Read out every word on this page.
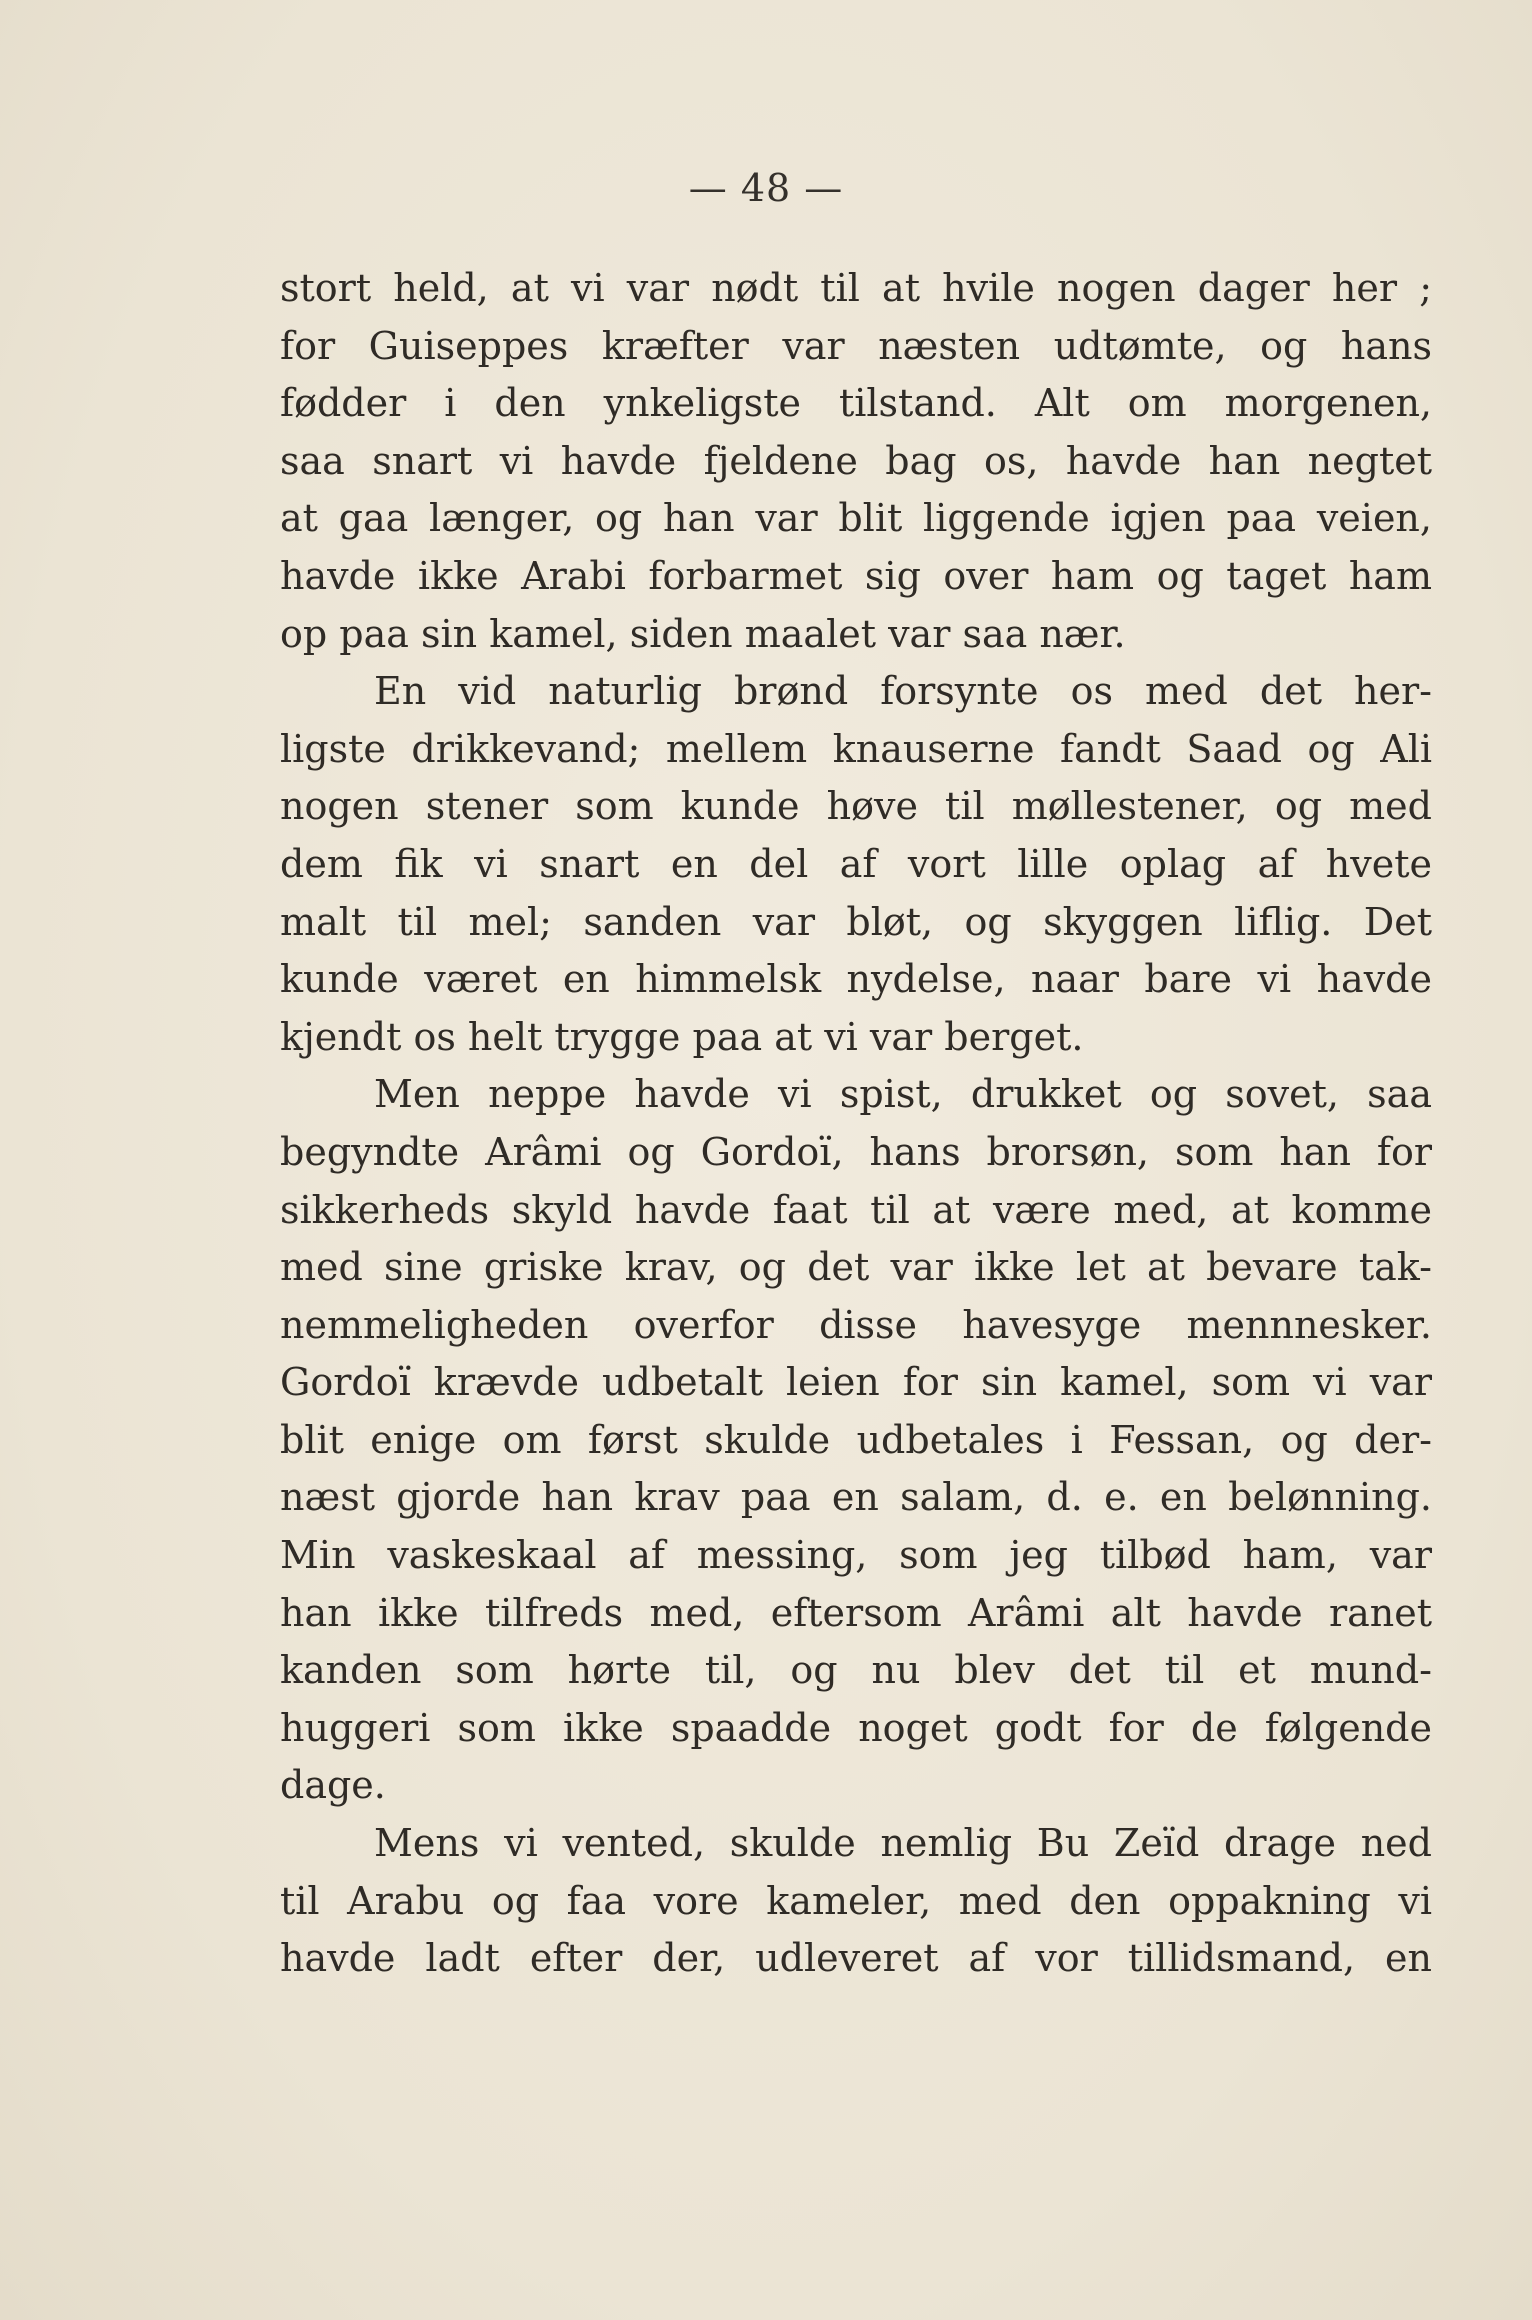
— 48 —
stort held, at vi var nødt til at hvile nogen dager her ;
for Guiseppes kræfter var næsten udtømte, og hans
fødder i den ynkeligste tilstand. Alt om morgenen,
saa snart vi havde fjeldene bag os, havde han negtet
at gaa længer, og han var blit liggende igjen paa veien,
havde ikke Arabi forbarmet sig over ham og taget ham
op paa sin kamel, siden maalet var saa nær.
En vid naturlig brønd forsynte os med det her-
ligste drikkevand; mellem knauserne fandt Saad og Ali
nogen stener som kunde høve til møllestener, og med
dem fik vi snart en del af vort lille oplag af hvete
malt til mel; sanden var bløt, og skyggen liflig. Det
kunde været en himmelsk nydelse, naar bare vi havde
kjendt os helt trygge paa at vi var berget.
Men neppe havde vi spist, drukket og sovet, saa
begyndte Arâmi og Gordoï, hans brorsøn, som han for
sikkerheds skyld havde faat til at være med, at komme
med sine griske krav, og det var ikke let at bevare tak-
nemmeligheden overfor disse havesyge mennnesker.
Gordoï krævde udbetalt leien for sin kamel, som vi var
blit enige om først skulde udbetales i Fessan, og der-
næst gjorde han krav paa en salam, d. e. en belønning.
Min vaskeskaal af messing, som jeg tilbød ham, var
han ikke tilfreds med, eftersom Arâmi alt havde ranet
kanden som hørte til, og nu blev det til et mund-
huggeri som ikke spaadde noget godt for de følgende
dage.
Mens vi vented, skulde nemlig Bu Zeïd drage ned
til Arabu og faa vore kameler, med den oppakning vi
havde ladt efter der, udleveret af vor tillidsmand, en
